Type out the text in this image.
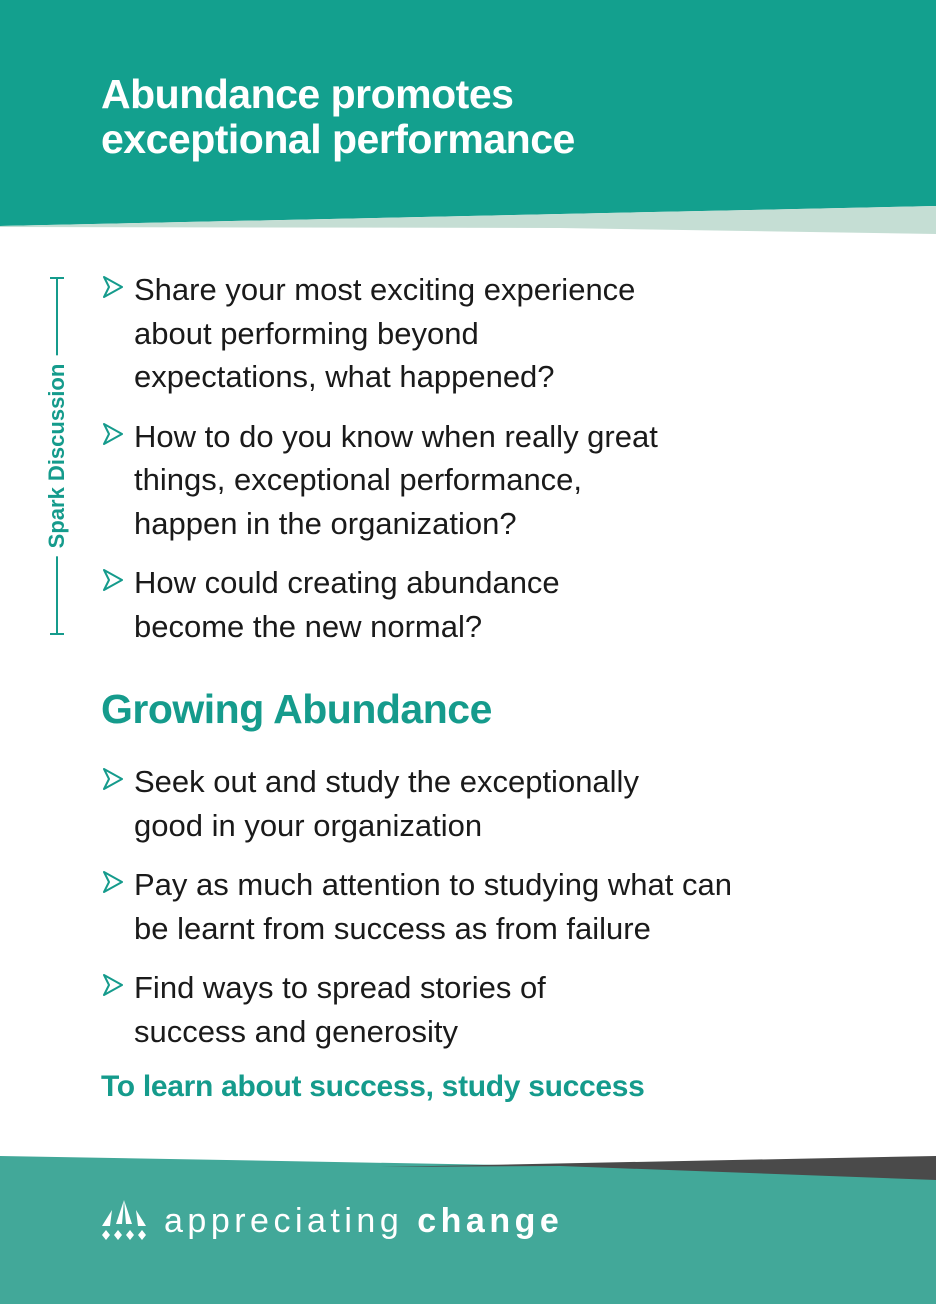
Abundance promotes
exceptional performance
Spark Discussion
Share your most exciting experience
about performing beyond
expectations, what happened?
How to do you know when really great
things, exceptional performance,
happen in the organization?
How could creating abundance
become the new normal?
Growing Abundance
Seek out and study the exceptionally
good in your organization
Pay as much attention to studying what can
be learnt from success as from failure
Find ways to spread stories of
success and generosity

To learn about success, study success

appreciating change
